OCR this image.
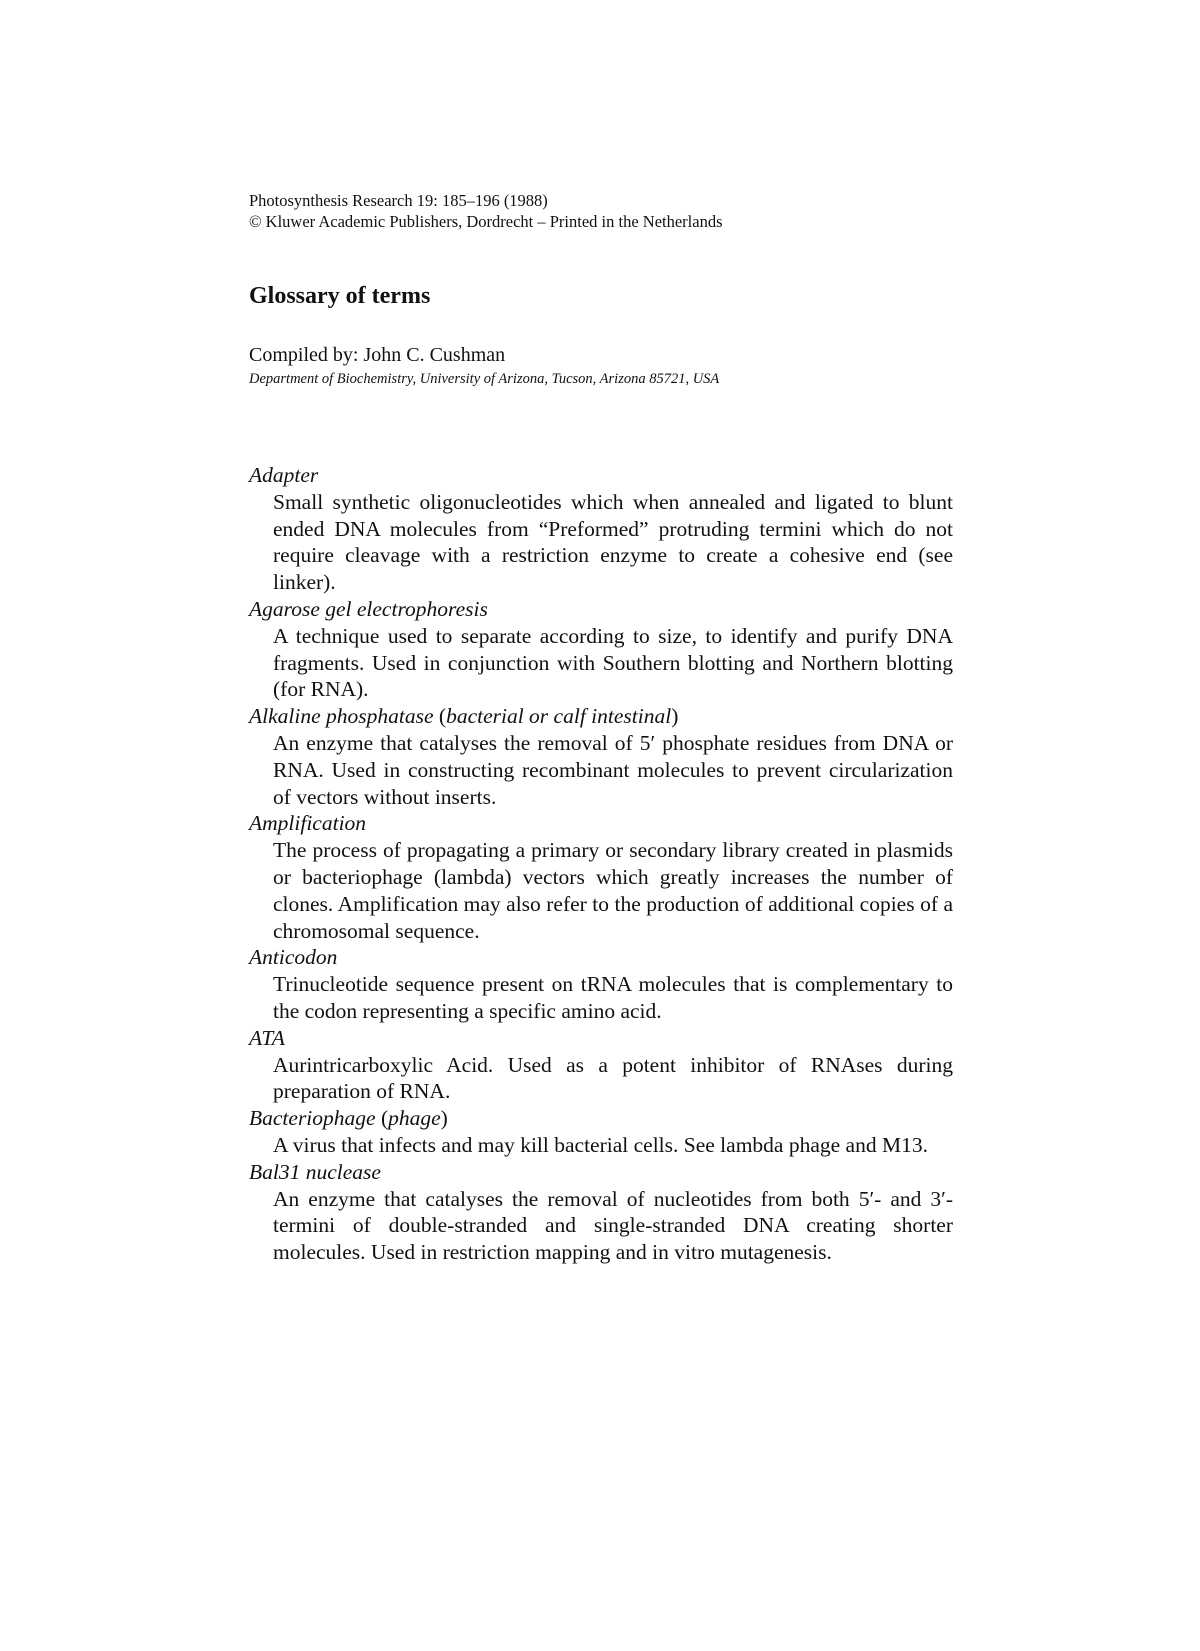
Photosynthesis Research 19: 185–196 (1988)
© Kluwer Academic Publishers, Dordrecht – Printed in the Netherlands
Glossary of terms
Compiled by: John C. Cushman
Department of Biochemistry, University of Arizona, Tucson, Arizona 85721, USA
Adapter
Small synthetic oligonucleotides which when annealed and ligated to blunt ended DNA molecules from “Preformed” protruding termini which do not require cleavage with a restriction enzyme to create a cohesive end (see linker).
Agarose gel electrophoresis
A technique used to separate according to size, to identify and purify DNA fragments. Used in conjunction with Southern blotting and Northern blotting (for RNA).
Alkaline phosphatase (bacterial or calf intestinal)
An enzyme that catalyses the removal of 5′ phosphate residues from DNA or RNA. Used in constructing recombinant molecules to prevent circularization of vectors without inserts.
Amplification
The process of propagating a primary or secondary library created in plasmids or bacteriophage (lambda) vectors which greatly increases the number of clones. Amplification may also refer to the production of additional copies of a chromosomal sequence.
Anticodon
Trinucleotide sequence present on tRNA molecules that is complementary to the codon representing a specific amino acid.
ATA
Aurintricarboxylic Acid. Used as a potent inhibitor of RNAses during preparation of RNA.
Bacteriophage (phage)
A virus that infects and may kill bacterial cells. See lambda phage and M13.
Bal31 nuclease
An enzyme that catalyses the removal of nucleotides from both 5′- and 3′-termini of double-stranded and single-stranded DNA creating shorter molecules. Used in restriction mapping and in vitro mutagenesis.
